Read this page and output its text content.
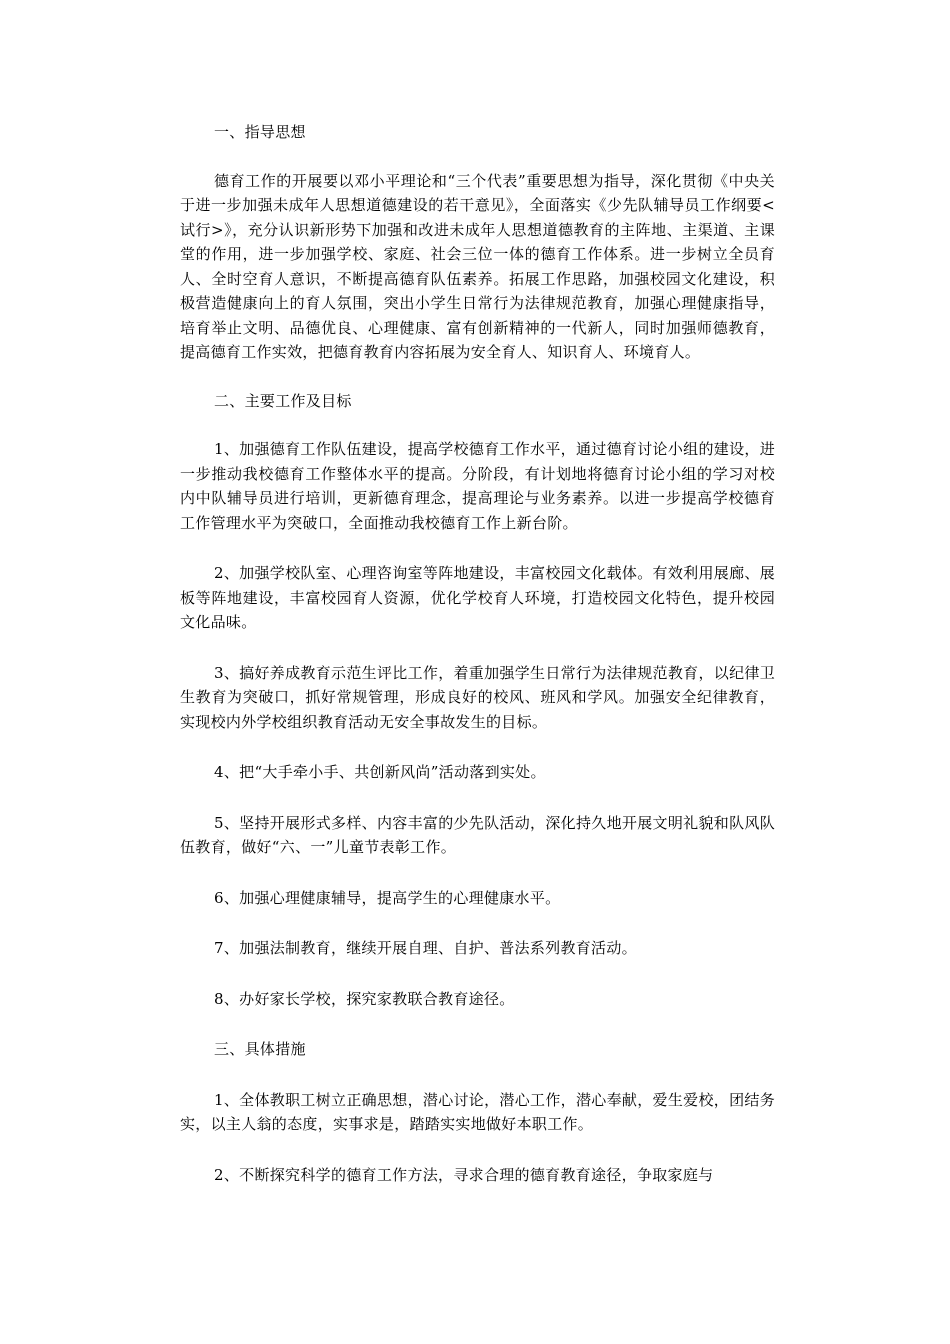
一、指导思想

德育工作的开展要以邓小平理论和“三个代表”重要思想为指导，深化贯彻《中央关于进一步加强未成年人思想道德建设的若干意见》，全面落实《少先队辅导员工作纲要<试行>》，充分认识新形势下加强和改进未成年人思想道德教育的主阵地、主渠道、主课堂的作用，进一步加强学校、家庭、社会三位一体的德育工作体系。进一步树立全员育人、全时空育人意识，不断提高德育队伍素养。拓展工作思路，加强校园文化建设，积极营造健康向上的育人氛围，突出小学生日常行为法律规范教育，加强心理健康指导，培育举止文明、品德优良、心理健康、富有创新精神的一代新人，同时加强师德教育，提高德育工作实效，把德育教育内容拓展为安全育人、知识育人、环境育人。

二、主要工作及目标

1、加强德育工作队伍建设，提高学校德育工作水平，通过德育讨论小组的建设，进一步推动我校德育工作整体水平的提高。分阶段，有计划地将德育讨论小组的学习对校内中队辅导员进行培训，更新德育理念，提高理论与业务素养。以进一步提高学校德育工作管理水平为突破口，全面推动我校德育工作上新台阶。

2、加强学校队室、心理咨询室等阵地建设，丰富校园文化载体。有效利用展廊、展板等阵地建设，丰富校园育人资源，优化学校育人环境，打造校园文化特色，提升校园文化品味。

3、搞好养成教育示范生评比工作，着重加强学生日常行为法律规范教育，以纪律卫生教育为突破口，抓好常规管理，形成良好的校风、班风和学风。加强安全纪律教育，实现校内外学校组织教育活动无安全事故发生的目标。

4、把“大手牵小手、共创新风尚”活动落到实处。

5、坚持开展形式多样、内容丰富的少先队活动，深化持久地开展文明礼貌和队风队伍教育，做好“六、一”儿童节表彰工作。

6、加强心理健康辅导，提高学生的心理健康水平。

7、加强法制教育，继续开展自理、自护、普法系列教育活动。

8、办好家长学校，探究家教联合教育途径。

三、具体措施

1、全体教职工树立正确思想，潜心讨论，潜心工作，潜心奉献，爱生爱校，团结务实，以主人翁的态度，实事求是，踏踏实实地做好本职工作。

2、不断探究科学的德育工作方法，寻求合理的德育教育途径，争取家庭与
